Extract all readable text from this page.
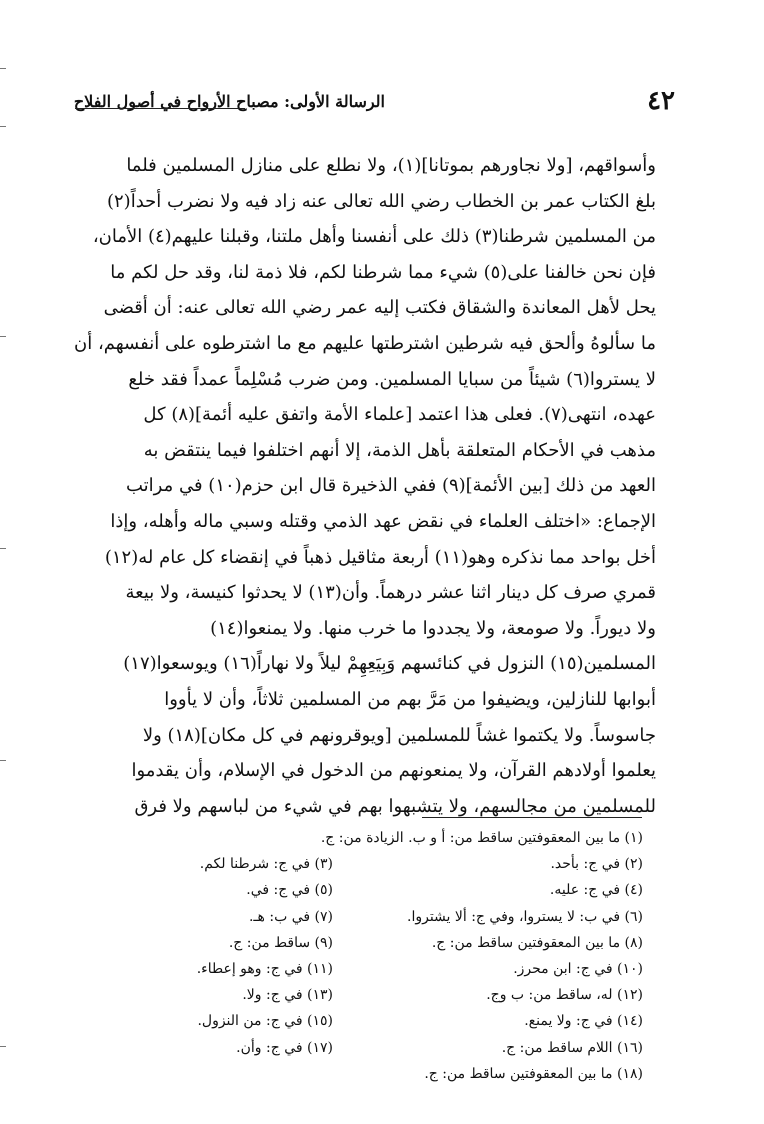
٤٢
الرسالة الأولى: مصباح الأرواح في أصول الفلاح
وأسواقهم، [ولا نجاورهم بموتانا](١)، ولا نطلع على منازل المسلمين فلما
بلغ الكتاب عمر بن الخطاب رضي الله تعالى عنه زاد فيه ولا نضرب أحداً(٢)
من المسلمين شرطنا(٣) ذلك على أنفسنا وأهل ملتنا، وقبلنا عليهم(٤) الأمان،
فإن نحن خالفنا على(٥) شيء مما شرطنا لكم، فلا ذمة لنا، وقد حل لكم ما
يحل لأهل المعاندة والشقاق فكتب إليه عمر رضي الله تعالى عنه: أن أقضى
ما سألوهُ وألحق فيه شرطين اشترطتها عليهم مع ما اشترطوه على أنفسهم، أن
لا يستروا(٦) شيئاً من سبايا المسلمين. ومن ضرب مُسْلِماً عمداً فقد خلع
عهده، انتهى(٧). فعلى هذا اعتمد [علماء الأمة واتفق عليه أئمة](٨) كل
مذهب في الأحكام المتعلقة بأهل الذمة، إلا أنهم اختلفوا فيما ينتقض به
العهد من ذلك [بين الأئمة](٩) ففي الذخيرة قال ابن حزم(١٠) في مراتب
الإجماع: «اختلف العلماء في نقض عهد الذمي وقتله وسبي ماله وأهله، وإذا
أخل بواحد مما نذكره وهو(١١) أربعة مثاقيل ذهباً في إنقضاء كل عام له(١٢)
قمري صرف كل دينار اثنا عشر درهماً. وأن(١٣) لا يحدثوا كنيسة، ولا بيعة
ولا ديوراً. ولا صومعة، ولا يجددوا ما خرب منها. ولا يمنعوا(١٤)
المسلمين(١٥) النزول في كنائسهم وَبِيَعِهِمْ ليلاً ولا نهاراً(١٦) ويوسعوا(١٧)
أبوابها للنازلين، ويضيفوا من مَرَّ بهم من المسلمين ثلاثاً، وأن لا يأووا
جاسوساً. ولا يكتموا غشاً للمسلمين [ويوقرونهم في كل مكان](١٨) ولا
يعلموا أولادهم القرآن، ولا يمنعونهم من الدخول في الإسلام، وأن يقدموا
للمسلمين من مجالسهم، ولا يتشبهوا بهم في شيء من لباسهم ولا فرق
(١) ما بين المعقوفتين ساقط من: أ و ب. الزيادة من: ج.
(٢) في ج: بأحد.
(٣) في ج: شرطنا لكم.
(٤) في ج: عليه.
(٥) في ج: في.
(٦) في ب: لا يستروا، وفي ج: ألا يشتروا.
(٧) في ب: هـ.
(٨) ما بين المعقوفتين ساقط من: ج.
(٩) ساقط من: ج.
(١٠) في ج: ابن محرز.
(١١) في ج: وهو إعطاء.
(١٢) له، ساقط من: ب وج.
(١٣) في ج: ولا.
(١٤) في ج: ولا يمنع.
(١٥) في ج: من النزول.
(١٦) اللام ساقط من: ج.
(١٧) في ج: وأن.
(١٨) ما بين المعقوفتين ساقط من: ج.
